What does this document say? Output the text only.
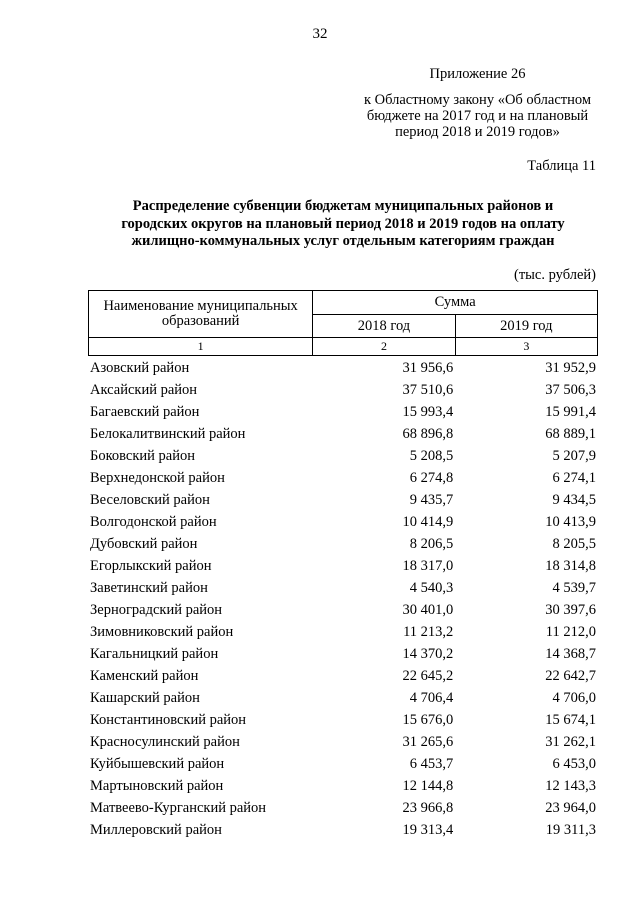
32
Приложение 26
к Областному закону «Об областном
бюджете на 2017 год и на плановый
период 2018 и 2019 годов»
Таблица 11
Распределение субвенции бюджетам муниципальных районов и
городских округов на плановый период 2018 и 2019 годов на оплату
жилищно-коммунальных услуг отдельным категориям граждан
(тыс. рублей)
Наименование муниципальных
образований	Сумма	
	2018 год	2019 год
1	2	3
Азовский район	31 956,6	31 952,9
Аксайский район	37 510,6	37 506,3
Багаевский район	15 993,4	15 991,4
Белокалитвинский район	68 896,8	68 889,1
Боковский район	5 208,5	5 207,9
Верхнедонской район	6 274,8	6 274,1
Веселовский район	9 435,7	9 434,5
Волгодонской район	10 414,9	10 413,9
Дубовский район	8 206,5	8 205,5
Егорлыкский район	18 317,0	18 314,8
Заветинский район	4 540,3	4 539,7
Зерноградский район	30 401,0	30 397,6
Зимовниковский район	11 213,2	11 212,0
Кагальницкий район	14 370,2	14 368,7
Каменский район	22 645,2	22 642,7
Кашарский район	4 706,4	4 706,0
Константиновский район	15 676,0	15 674,1
Красносулинский район	31 265,6	31 262,1
Куйбышевский район	6 453,7	6 453,0
Мартыновский район	12 144,8	12 143,3
Матвеево-Курганский район	23 966,8	23 964,0
Миллеровский район	19 313,4	19 311,3
